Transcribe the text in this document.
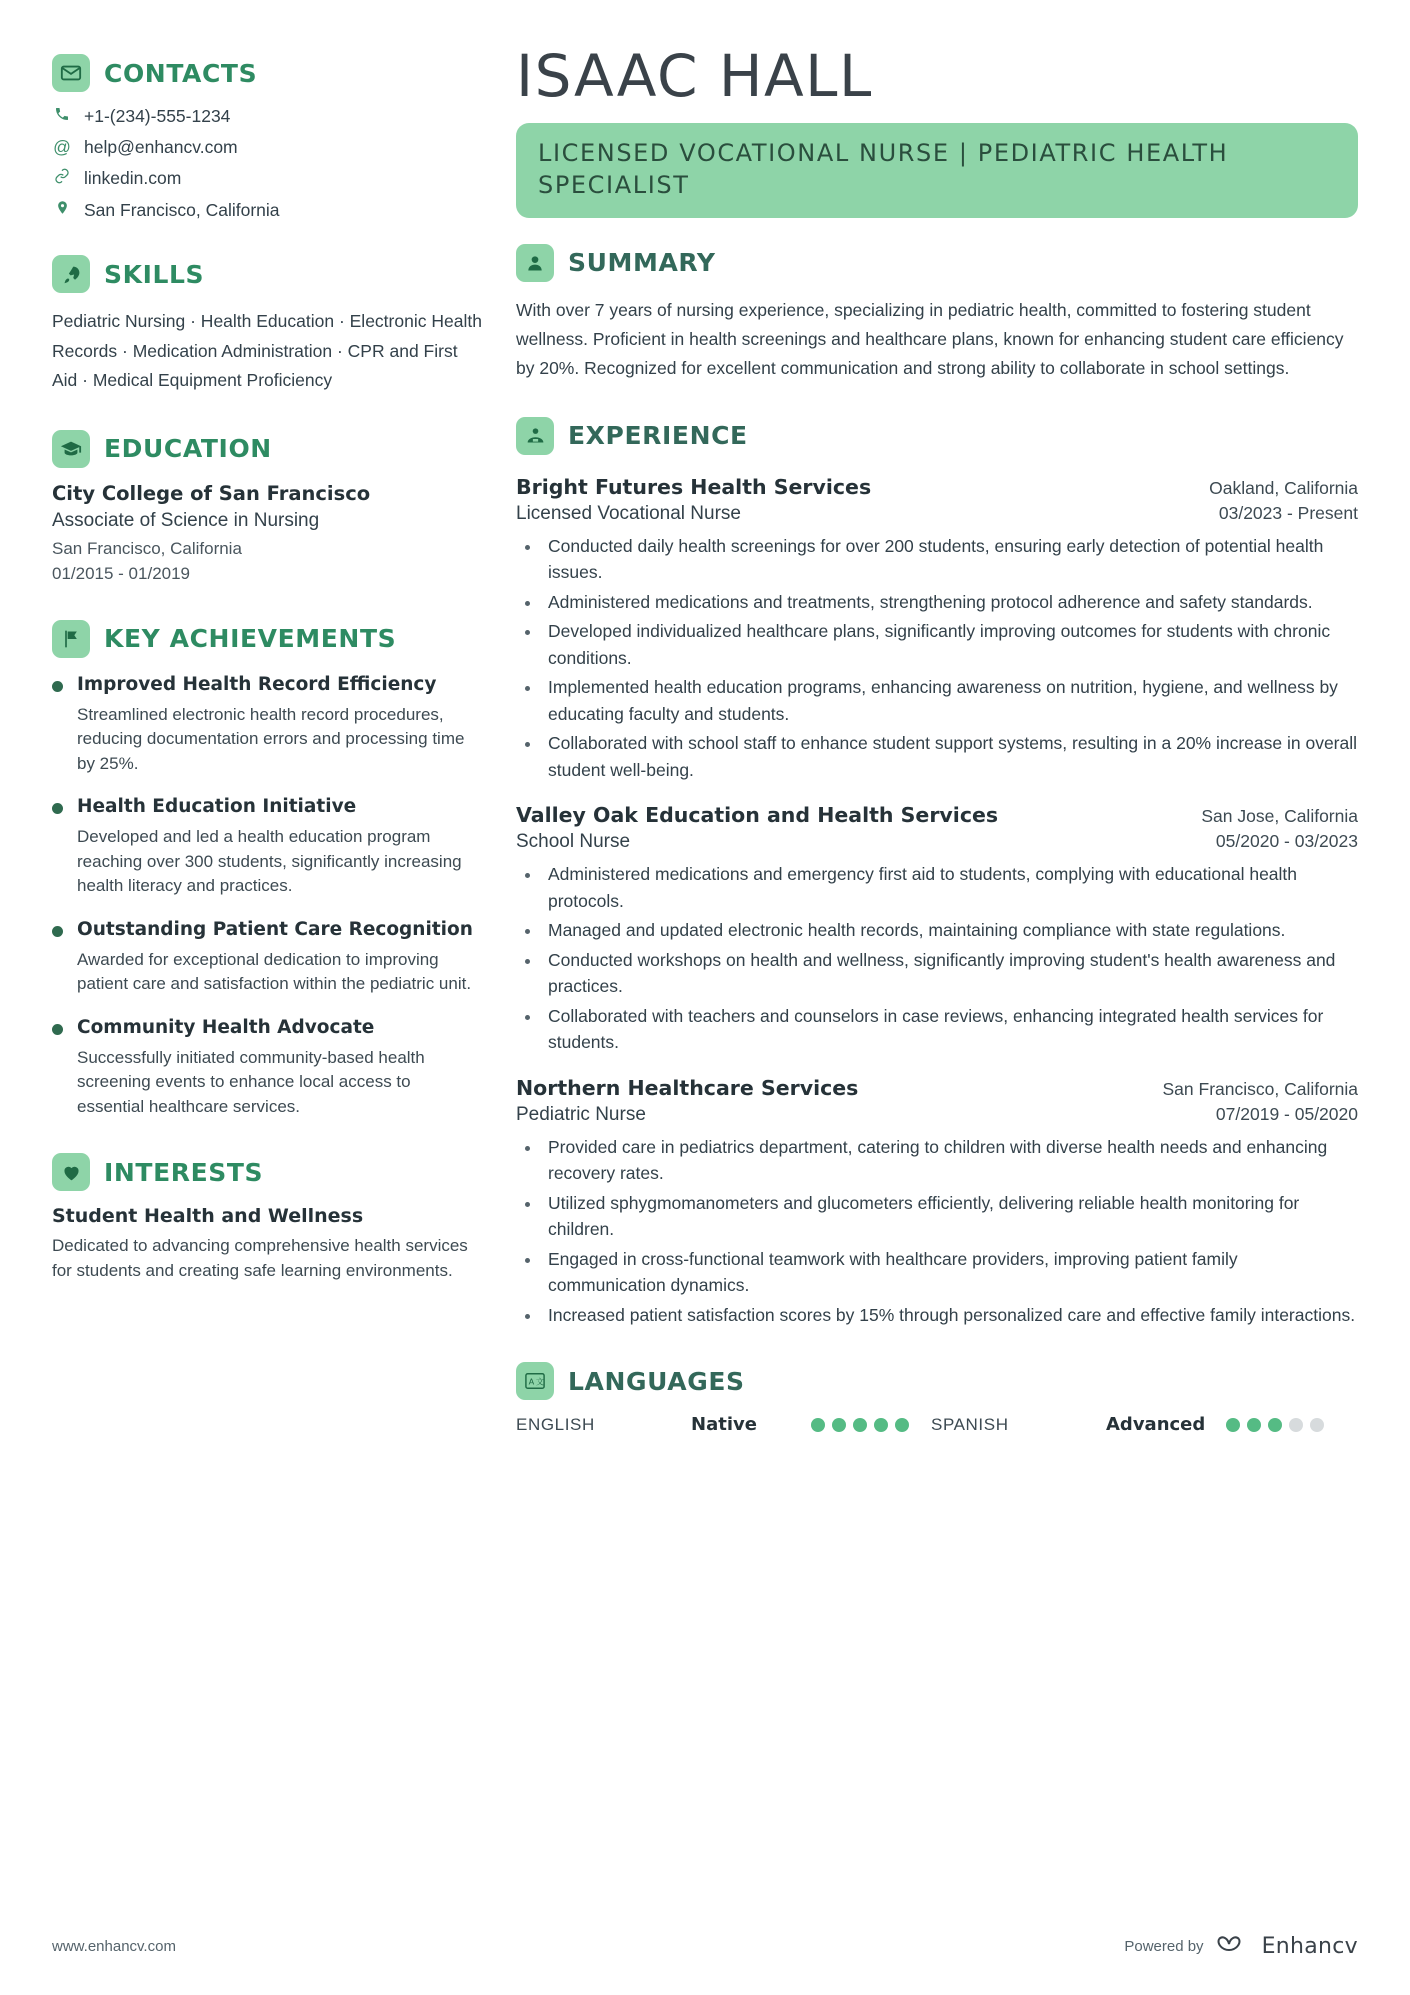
CONTACTS
+1-(234)-555-1234
@ help@enhancv.com
linkedin.com
San Francisco, California
SKILLS
Pediatric Nursing · Health Education · Electronic Health Records · Medication Administration · CPR and First Aid · Medical Equipment Proficiency
EDUCATION
City College of San Francisco
Associate of Science in Nursing
San Francisco, California
01/2015 - 01/2019
KEY ACHIEVEMENTS
Improved Health Record Efficiency
Streamlined electronic health record procedures, reducing documentation errors and processing time by 25%.
Health Education Initiative
Developed and led a health education program reaching over 300 students, significantly increasing health literacy and practices.
Outstanding Patient Care Recognition
Awarded for exceptional dedication to improving patient care and satisfaction within the pediatric unit.
Community Health Advocate
Successfully initiated community-based health screening events to enhance local access to essential healthcare services.
INTERESTS
Student Health and Wellness
Dedicated to advancing comprehensive health services for students and creating safe learning environments.
ISAAC HALL
LICENSED VOCATIONAL NURSE | PEDIATRIC HEALTH SPECIALIST
SUMMARY
With over 7 years of nursing experience, specializing in pediatric health, committed to fostering student wellness. Proficient in health screenings and healthcare plans, known for enhancing student care efficiency by 20%. Recognized for excellent communication and strong ability to collaborate in school settings.
EXPERIENCE
Bright Futures Health Services	Oakland, California
Licensed Vocational Nurse	03/2023 - Present
• Conducted daily health screenings for over 200 students, ensuring early detection of potential health issues.
• Administered medications and treatments, strengthening protocol adherence and safety standards.
• Developed individualized healthcare plans, significantly improving outcomes for students with chronic conditions.
• Implemented health education programs, enhancing awareness on nutrition, hygiene, and wellness by educating faculty and students.
• Collaborated with school staff to enhance student support systems, resulting in a 20% increase in overall student well-being.
Valley Oak Education and Health Services	San Jose, California
School Nurse	05/2020 - 03/2023
• Administered medications and emergency first aid to students, complying with educational health protocols.
• Managed and updated electronic health records, maintaining compliance with state regulations.
• Conducted workshops on health and wellness, significantly improving student's health awareness and practices.
• Collaborated with teachers and counselors in case reviews, enhancing integrated health services for students.
Northern Healthcare Services	San Francisco, California
Pediatric Nurse	07/2019 - 05/2020
• Provided care in pediatrics department, catering to children with diverse health needs and enhancing recovery rates.
• Utilized sphygmomanometers and glucometers efficiently, delivering reliable health monitoring for children.
• Engaged in cross-functional teamwork with healthcare providers, improving patient family communication dynamics.
• Increased patient satisfaction scores by 15% through personalized care and effective family interactions.
A 文 LANGUAGES
ENGLISH	Native	SPANISH	Advanced
www.enhancv.com	Powered by	Enhancv
